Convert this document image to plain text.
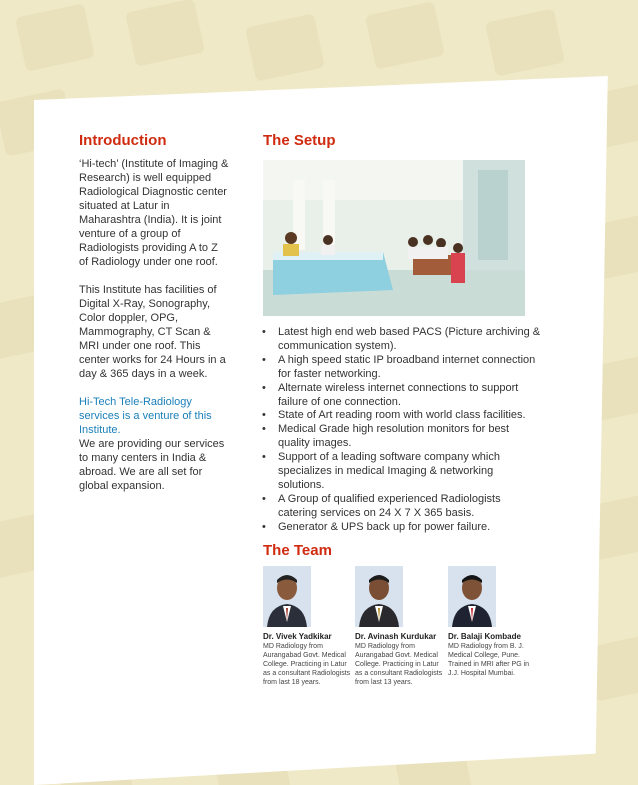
Introduction

‘Hi-tech’ (Institute of Imaging & Research) is well equipped Radiological Diagnostic center situated at Latur in Maharashtra (India). It is joint venture of a group of Radiologists providing A to Z of Radiology under one roof.

This Institute has facilities of Digital X-Ray, Sonography, Color doppler, OPG, Mammography, CT Scan & MRI under one roof. This center works for 24 Hours in a day & 365 days in a week.

Hi-Tech Tele-Radiology services is a venture of this Institute.

We are providing our services to many centers in India & abroad. We are all set for global expansion.

The Setup
• Latest high end web based PACS (Picture archiving & communication system).
• A high speed static IP broadband internet connection for faster networking.
• Alternate wireless internet connections to support failure of one connection.
• State of Art reading room with world class facilities.
• Medical Grade high resolution monitors for best quality images.
• Support of a leading software company which specializes in medical Imaging & networking solutions.
• A Group of qualified experienced Radiologists catering services on 24 X 7 X 365 basis.
• Generator & UPS back up for power failure.
The Team
Dr. Vivek Yadkikar
MD Radiology from Aurangabad Govt. Medical College. Practicing in Latur as a consultant Radiologists from last 18 years.
Dr. Avinash Kurdukar
MD Radiology from Aurangabad Govt. Medical College. Practicing in Latur as a consultant Radiologists from last 13 years.
Dr. Balaji Kombade
MD Radiology from B. J. Medical College, Pune. Trained in MRI after PG in J.J. Hospital Mumbai.
